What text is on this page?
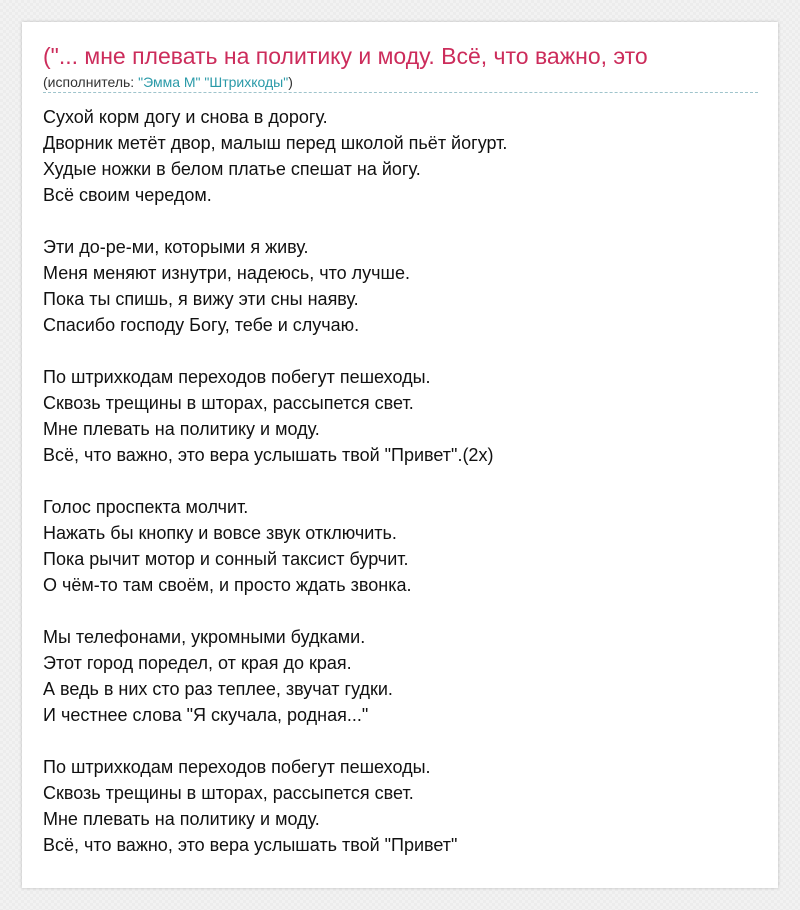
("... мне плевать на политику и моду. Всё, что важно, это
(исполнитель: "Эмма М" "Штрихкоды")
Сухой корм догу и снова в дорогу.
Дворник метёт двор, малыш перед школой пьёт йогурт.
Худые ножки в белом платье спешат на йогу.
Всё своим чередом.
Эти до-ре-ми, которыми я живу.
Меня меняют изнутри, надеюсь, что лучше.
Пока ты спишь, я вижу эти сны наяву.
Спасибо господу Богу, тебе и случаю.
По штрихкодам переходов побегут пешеходы.
Сквозь трещины в шторах, рассыпется свет.
Мне плевать на политику и моду.
Всё, что важно, это вера услышать твой "Привет".(2x)
Голос проспекта молчит.
Нажать бы кнопку и вовсе звук отключить.
Пока рычит мотор и сонный таксист бурчит.
О чём-то там своём, и просто ждать звонка.
Мы телефонами, укромными будками.
Этот город поредел, от края до края.
А ведь в них сто раз теплее, звучат гудки.
И честнее слова "Я скучала, родная..."
По штрихкодам переходов побегут пешеходы.
Сквозь трещины в шторах, рассыпется свет.
Мне плевать на политику и моду.
Всё, что важно, это вера услышать твой "Привет"
